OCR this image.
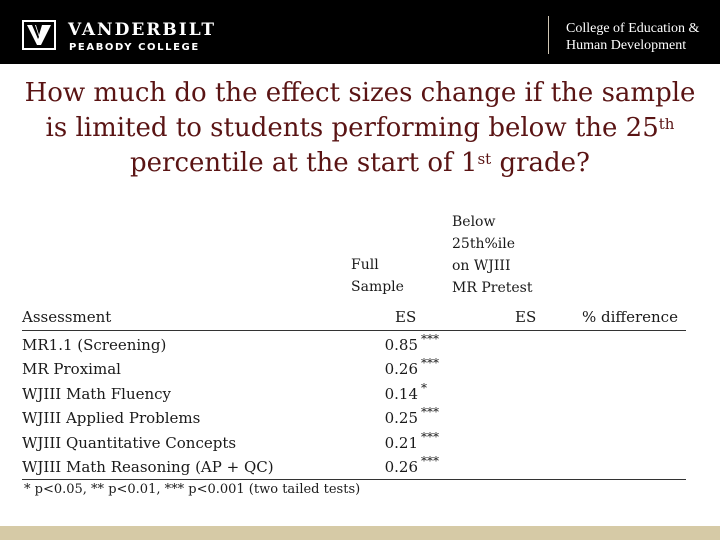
VANDERBILT
PEABODY COLLEGE
College of Education &
Human Development
How much do the effect sizes change if the sample is limited to students performing below the 25th percentile at the start of 1st grade?
Full
Sample
Below
25th%ile
on WJIII
MR Pretest
Assessment	ES	ES	% difference
MR1.1 (Screening)	0.85 ***
MR Proximal	0.26 ***
WJIII Math Fluency	0.14 *
WJIII Applied Problems	0.25 ***
WJIII Quantitative Concepts	0.21 ***
WJIII Math Reasoning (AP + QC)	0.26 ***
* p<0.05, ** p<0.01, *** p<0.001 (two tailed tests)
